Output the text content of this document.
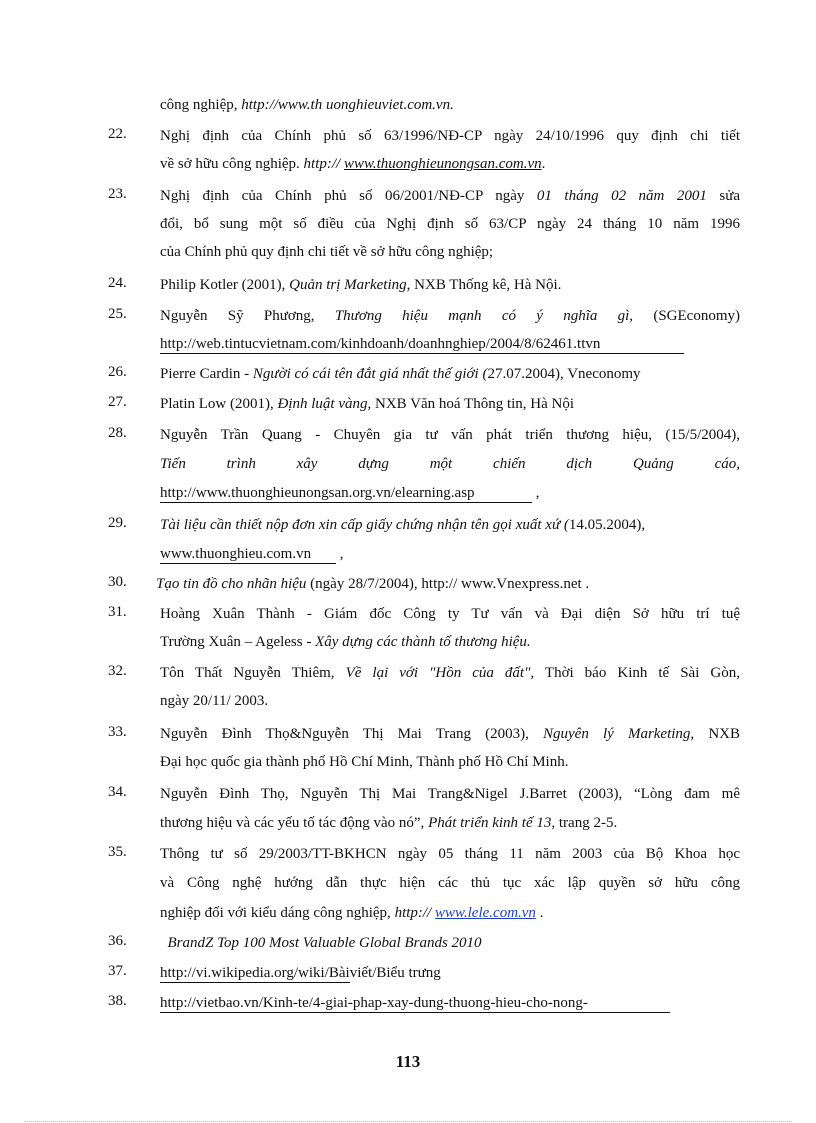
công nghiệp, http://www.th uonghieuviet.com.vn.
22. Nghị định của Chính phủ số 63/1996/NĐ-CP ngày 24/10/1996 quy định chi tiết
về sở hữu công nghiệp. http:// www.thuonghieunongsan.com.vn.
23. Nghị định của Chính phủ số 06/2001/NĐ-CP ngày 01 tháng 02 năm 2001 sửa
đổi, bổ sung một số điều của Nghị định số 63/CP ngày 24 tháng 10 năm 1996
của Chính phủ quy định chi tiết về sở hữu công nghiệp;
24. Philip Kotler (2001), Quản trị Marketing, NXB Thống kê, Hà Nội.
25. Nguyễn Sỹ Phương, Thương hiệu mạnh có ý nghĩa gì, (SGEconomy)
http://web.tintucvietnam.com/kinhdoanh/doanhnghiep/2004/8/62461.ttvn
26. Pierre Cardin - Người có cái tên đắt giá nhất thế giới (27.07.2004), Vneconomy
27. Platin Low (2001), Định luật vàng, NXB Văn hoá Thông tin, Hà Nội
28. Nguyễn Trần Quang - Chuyên gia tư vấn phát triển thương hiệu, (15/5/2004),
Tiến trình xây dựng một chiến dịch Quảng cáo,
http://www.thuonghieunongsan.org.vn/elearning.asp	,
29. Tài liệu cần thiết nộp đơn xin cấp giấy chứng nhận tên gọi xuất xứ (14.05.2004),
www.thuonghieu.com.vn ,
30. Tạo tin đồ cho nhãn hiệu (ngày 28/7/2004), http:// www.Vnexpress.net .
31. Hoàng Xuân Thành - Giám đốc Công ty Tư vấn và Đại diện Sở hữu trí tuệ
Trường Xuân – Ageless - Xây dựng các thành tố thương hiệu.
32. Tôn Thất Nguyễn Thiêm, Về lại với "Hồn của đất", Thời báo Kinh tế Sài Gòn,
ngày 20/11/ 2003.
33. Nguyễn Đình Thọ&Nguyễn Thị Mai Trang (2003), Nguyên lý Marketing, NXB
Đại học quốc gia thành phố Hồ Chí Minh, Thành phố Hồ Chí Minh.
34. Nguyễn Đình Thọ, Nguyễn Thị Mai Trang&Nigel J.Barret (2003), “Lòng đam mê
thương hiệu và các yếu tố tác động vào nó”, Phát triển kinh tế 13, trang 2-5.
35. Thông tư số 29/2003/TT-BKHCN ngày 05 tháng 11 năm 2003 của Bộ Khoa học
và Công nghệ hướng dẫn thực hiện các thủ tục xác lập quyền sở hữu công
nghiệp đối với kiểu dáng công nghiệp, http:// www.lele.com.vn .
36. BrandZ Top 100 Most Valuable Global Brands 2010
37. http://vi.wikipedia.org/wiki/Bàiviết/Biểu trưng
38. http://vietbao.vn/Kinh-te/4-giai-phap-xay-dung-thuong-hieu-cho-nong-
113
